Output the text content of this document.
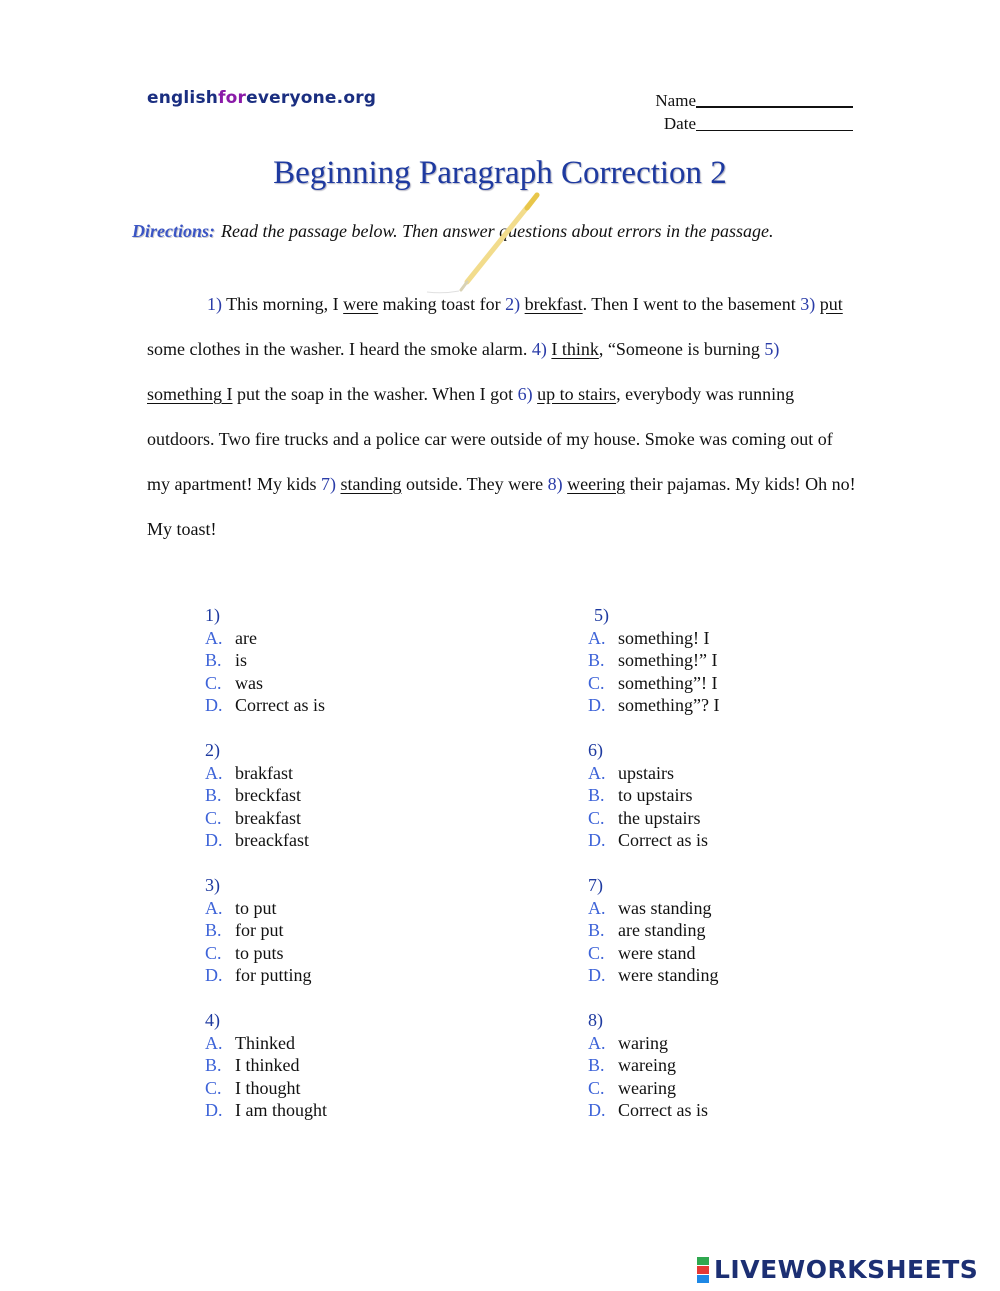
englishforeveryone.org	Name
Date
Beginning Paragraph Correction 2
Directions: Read the passage below. Then answer questions about errors in the passage.

1) This morning, I were making toast for 2) brekfast. Then I went to the basement 3) put some clothes in the washer. I heard the smoke alarm. 4) I think, “Someone is burning 5) something I put the soap in the washer. When I got 6) up to stairs, everybody was running outdoors. Two fire trucks and a police car were outside of my house. Smoke was coming out of my apartment! My kids 7) standing outside. They were 8) weering their pajamas. My kids! Oh no! My toast!

1)
A. are
B. is
C. was
D. Correct as is
2)
A. brakfast
B. breckfast
C. breakfast
D. breackfast
3)
A. to put
B. for put
C. to puts
D. for putting
4)
A. Thinked
B. I thinked
C. I thought
D. I am thought
5)
A. something! I
B. something!” I
C. something”! I
D. something”? I
6)
A. upstairs
B. to upstairs
C. the upstairs
D. Correct as is
7)
A. was standing
B. are standing
C. were stand
D. were standing
8)
A. waring
B. wareing
C. wearing
D. Correct as is
LIVEWORKSHEETS
